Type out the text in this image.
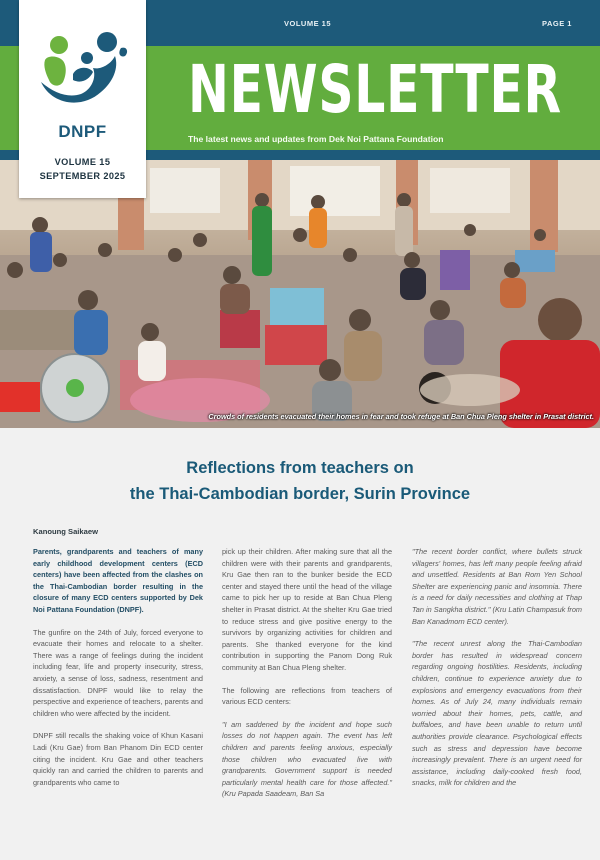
VOLUME 15	PAGE 1
NEWSLETTER
The latest news and updates from Dek Noi Pattana Foundation
DNPF
VOLUME 15
SEPTEMBER 2025
Crowds of residents evacuated their homes in fear and took refuge at Ban Chua Pleng shelter in Prasat district.
Reflections from teachers on
the Thai-Cambodian border, Surin Province
Kanoung Saikaew

Parents, grandparents and teachers of many early childhood development centers (ECD centers) have been affected from the clashes on the Thai-Cambodian border resulting in the closure of many ECD centers supported by Dek Noi Pattana Foundation (DNPF).

The gunfire on the 24th of July, forced everyone to evacuate their homes and relocate to a shelter. There was a range of feelings during the incident including fear, life and property insecurity, stress, anxiety, a sense of loss, sadness, resentment and dissatisfaction. DNPF would like to relay the perspective and experience of teachers, parents and children who were affected by the incident.

DNPF still recalls the shaking voice of Khun Kasani Ladi (Kru Gae) from Ban Phanom Din ECD center citing the incident. Kru Gae and other teachers quickly ran and carried the children to parents and grandparents who came to

pick up their children. After making sure that all the children were with their parents and grandparents, Kru Gae then ran to the bunker beside the ECD center and stayed there until the head of the village came to pick her up to reside at Ban Chua Pleng shelter in Prasat district. At the shelter Kru Gae tried to reduce stress and give positive energy to the survivors by organizing activities for children and parents. She thanked everyone for the kind contribution in supporting the Panom Dong Ruk community at Ban Chua Pleng shelter.

The following are reflections from teachers of various ECD centers:

"I am saddened by the incident and hope such losses do not happen again. The event has left children and parents feeling anxious, especially those children who evacuated live with grandparents. Government support is needed particularly mental health care for those affected." (Kru Papada Saadeam, Ban Sa

"The recent border conflict, where bullets struck villagers' homes, has left many people feeling afraid and unsettled. Residents at Ban Rom Yen School Shelter are experiencing panic and insomnia. There is a need for daily necessities and clothing at Thap Tan in Sangkha district." (Kru Latin Champasuk from Ban Kanadmorn ECD center).

"The recent unrest along the Thai-Cambodian border has resulted in widespread concern regarding ongoing hostilities. Residents, including children, continue to experience anxiety due to explosions and emergency evacuations from their homes. As of July 24, many individuals remain worried about their homes, pets, cattle, and buffaloes, and have been unable to return until authorities provide clearance. Psychological effects such as stress and depression have become increasingly prevalent. There is an urgent need for assistance, including daily-cooked fresh food, snacks, milk for children and the
